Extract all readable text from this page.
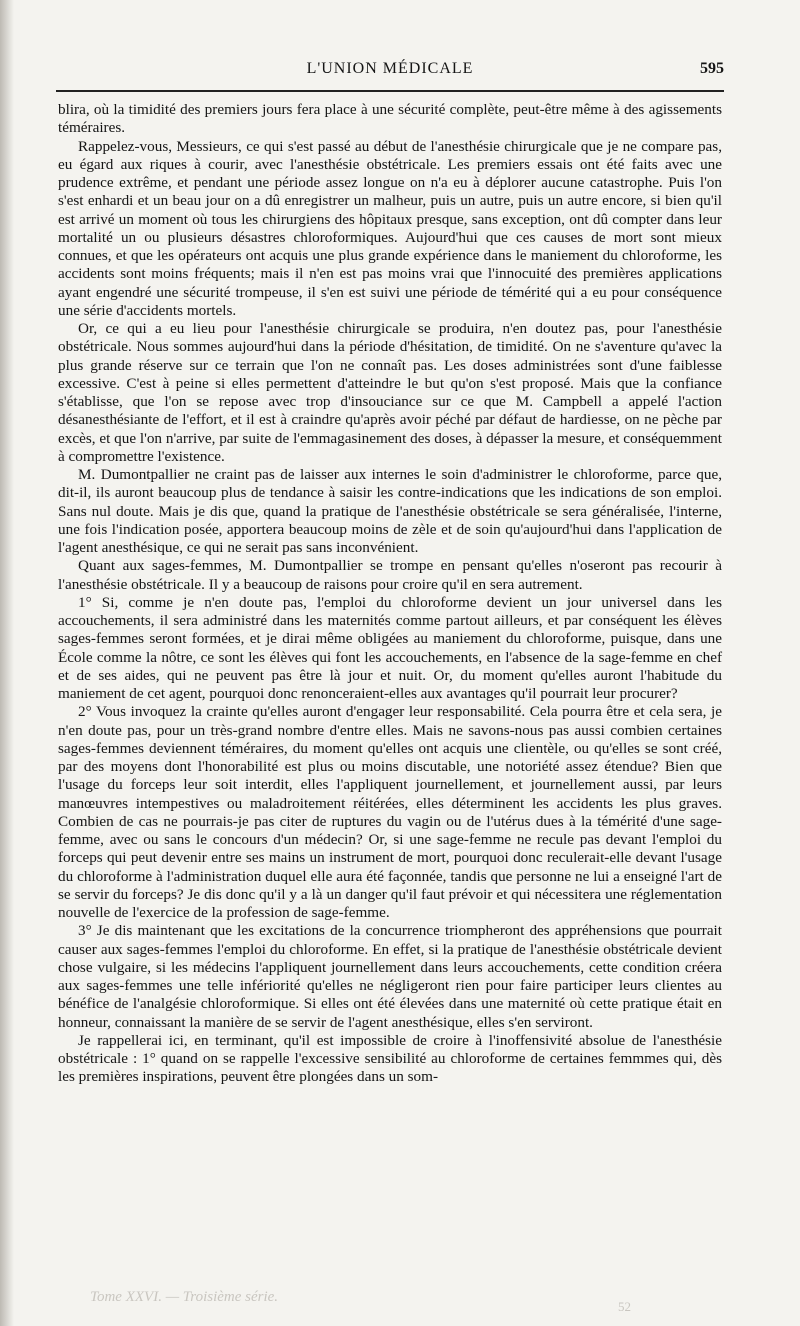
L'UNION MÉDICALE	595

blira, où la timidité des premiers jours fera place à une sécurité complète, peut-être même à des agissements téméraires.

Rappelez-vous, Messieurs, ce qui s'est passé au début de l'anesthésie chirurgicale que je ne compare pas, eu égard aux riques à courir, avec l'anesthésie obstétricale. Les premiers essais ont été faits avec une prudence extrême, et pendant une période assez longue on n'a eu à déplorer aucune catastrophe. Puis l'on s'est enhardi et un beau jour on a dû enregistrer un malheur, puis un autre, puis un autre encore, si bien qu'il est arrivé un moment où tous les chirurgiens des hôpitaux presque, sans exception, ont dû compter dans leur mortalité un ou plusieurs désastres chloroformiques. Aujourd'hui que ces causes de mort sont mieux connues, et que les opérateurs ont acquis une plus grande expérience dans le maniement du chloroforme, les accidents sont moins fréquents; mais il n'en est pas moins vrai que l'innocuité des premières applications ayant engendré une sécurité trompeuse, il s'en est suivi une période de témérité qui a eu pour conséquence une série d'accidents mortels.

Or, ce qui a eu lieu pour l'anesthésie chirurgicale se produira, n'en doutez pas, pour l'anesthésie obstétricale. Nous sommes aujourd'hui dans la période d'hésitation, de timidité. On ne s'aventure qu'avec la plus grande réserve sur ce terrain que l'on ne connaît pas. Les doses administrées sont d'une faiblesse excessive. C'est à peine si elles permettent d'atteindre le but qu'on s'est proposé. Mais que la confiance s'établisse, que l'on se repose avec trop d'insouciance sur ce que M. Campbell a appelé l'action désanesthésiante de l'effort, et il est à craindre qu'après avoir péché par défaut de hardiesse, on ne pèche par excès, et que l'on n'arrive, par suite de l'emmagasinement des doses, à dépasser la mesure, et conséquemment à compromettre l'existence.

M. Dumontpallier ne craint pas de laisser aux internes le soin d'administrer le chloroforme, parce que, dit-il, ils auront beaucoup plus de tendance à saisir les contre-indications que les indications de son emploi. Sans nul doute. Mais je dis que, quand la pratique de l'anesthésie obstétricale se sera généralisée, l'interne, une fois l'indication posée, apportera beaucoup moins de zèle et de soin qu'aujourd'hui dans l'application de l'agent anesthésique, ce qui ne serait pas sans inconvénient.

Quant aux sages-femmes, M. Dumontpallier se trompe en pensant qu'elles n'oseront pas recourir à l'anesthésie obstétricale. Il y a beaucoup de raisons pour croire qu'il en sera autrement.

1° Si, comme je n'en doute pas, l'emploi du chloroforme devient un jour universel dans les accouchements, il sera administré dans les maternités comme partout ailleurs, et par conséquent les élèves sages-femmes seront formées, et je dirai même obligées au maniement du chloroforme, puisque, dans une École comme la nôtre, ce sont les élèves qui font les accouchements, en l'absence de la sage-femme en chef et de ses aides, qui ne peuvent pas être là jour et nuit. Or, du moment qu'elles auront l'habitude du maniement de cet agent, pourquoi donc renonceraient-elles aux avantages qu'il pourrait leur procurer?

2° Vous invoquez la crainte qu'elles auront d'engager leur responsabilité. Cela pourra être et cela sera, je n'en doute pas, pour un très-grand nombre d'entre elles. Mais ne savons-nous pas aussi combien certaines sages-femmes deviennent téméraires, du moment qu'elles ont acquis une clientèle, ou qu'elles se sont créé, par des moyens dont l'honorabilité est plus ou moins discutable, une notoriété assez étendue? Bien que l'usage du forceps leur soit interdit, elles l'appliquent journellement, et journellement aussi, par leurs manœuvres intempestives ou maladroitement réitérées, elles déterminent les accidents les plus graves. Combien de cas ne pourrais-je pas citer de ruptures du vagin ou de l'utérus dues à la témérité d'une sage-femme, avec ou sans le concours d'un médecin? Or, si une sage-femme ne recule pas devant l'emploi du forceps qui peut devenir entre ses mains un instrument de mort, pourquoi donc reculerait-elle devant l'usage du chloroforme à l'administration duquel elle aura été façonnée, tandis que personne ne lui a enseigné l'art de se servir du forceps? Je dis donc qu'il y a là un danger qu'il faut prévoir et qui nécessitera une réglementation nouvelle de l'exercice de la profession de sage-femme.

3° Je dis maintenant que les excitations de la concurrence triompheront des appréhensions que pourrait causer aux sages-femmes l'emploi du chloroforme. En effet, si la pratique de l'anesthésie obstétricale devient chose vulgaire, si les médecins l'appliquent journellement dans leurs accouchements, cette condition créera aux sages-femmes une telle infériorité qu'elles ne négligeront rien pour faire participer leurs clientes au bénéfice de l'analgésie chloroformique. Si elles ont été élevées dans une maternité où cette pratique était en honneur, connaissant la manière de se servir de l'agent anesthésique, elles s'en serviront.

Je rappellerai ici, en terminant, qu'il est impossible de croire à l'inoffensivité absolue de l'anesthésie obstétricale : 1° quand on se rappelle l'excessive sensibilité au chloroforme de certaines femmmes qui, dès les premières inspirations, peuvent être plongées dans un som-

Tome XXVI. — Troisième série.
52
